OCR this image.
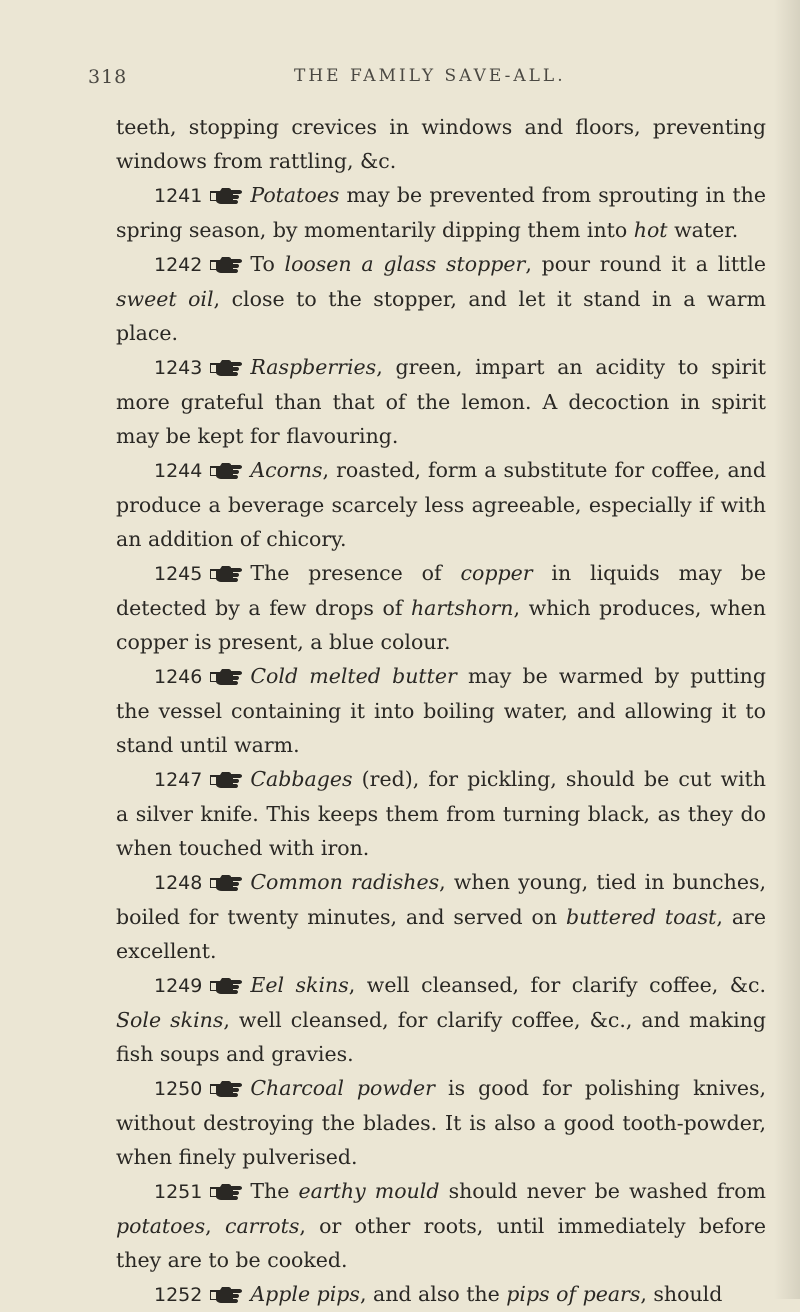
318	THE FAMILY SAVE-ALL.

teeth, stopping crevices in windows and floors, preventing windows from rattling, &c.

1241 Potatoes may be prevented from sprouting in the spring season, by momentarily dipping them into hot water.

1242 To loosen a glass stopper, pour round it a little sweet oil, close to the stopper, and let it stand in a warm place.

1243 Raspberries, green, impart an acidity to spirit more grateful than that of the lemon. A decoction in spirit may be kept for flavouring.

1244 Acorns, roasted, form a substitute for coffee, and produce a beverage scarcely less agreeable, especially if with an addition of chicory.

1245 The presence of copper in liquids may be detected by a few drops of hartshorn, which produces, when copper is present, a blue colour.

1246 Cold melted butter may be warmed by putting the vessel containing it into boiling water, and allowing it to stand until warm.

1247 Cabbages (red), for pickling, should be cut with a silver knife. This keeps them from turning black, as they do when touched with iron.

1248 Common radishes, when young, tied in bunches, boiled for twenty minutes, and served on buttered toast, are excellent.

1249 Eel skins, well cleansed, for clarify coffee, &c. Sole skins, well cleansed, for clarify coffee, &c., and making fish soups and gravies.

1250 Charcoal powder is good for polishing knives, without destroying the blades. It is also a good tooth-powder, when finely pulverised.

1251 The earthy mould should never be washed from potatoes, carrots, or other roots, until immediately before they are to be cooked.

1252 Apple pips, and also the pips of pears, should
